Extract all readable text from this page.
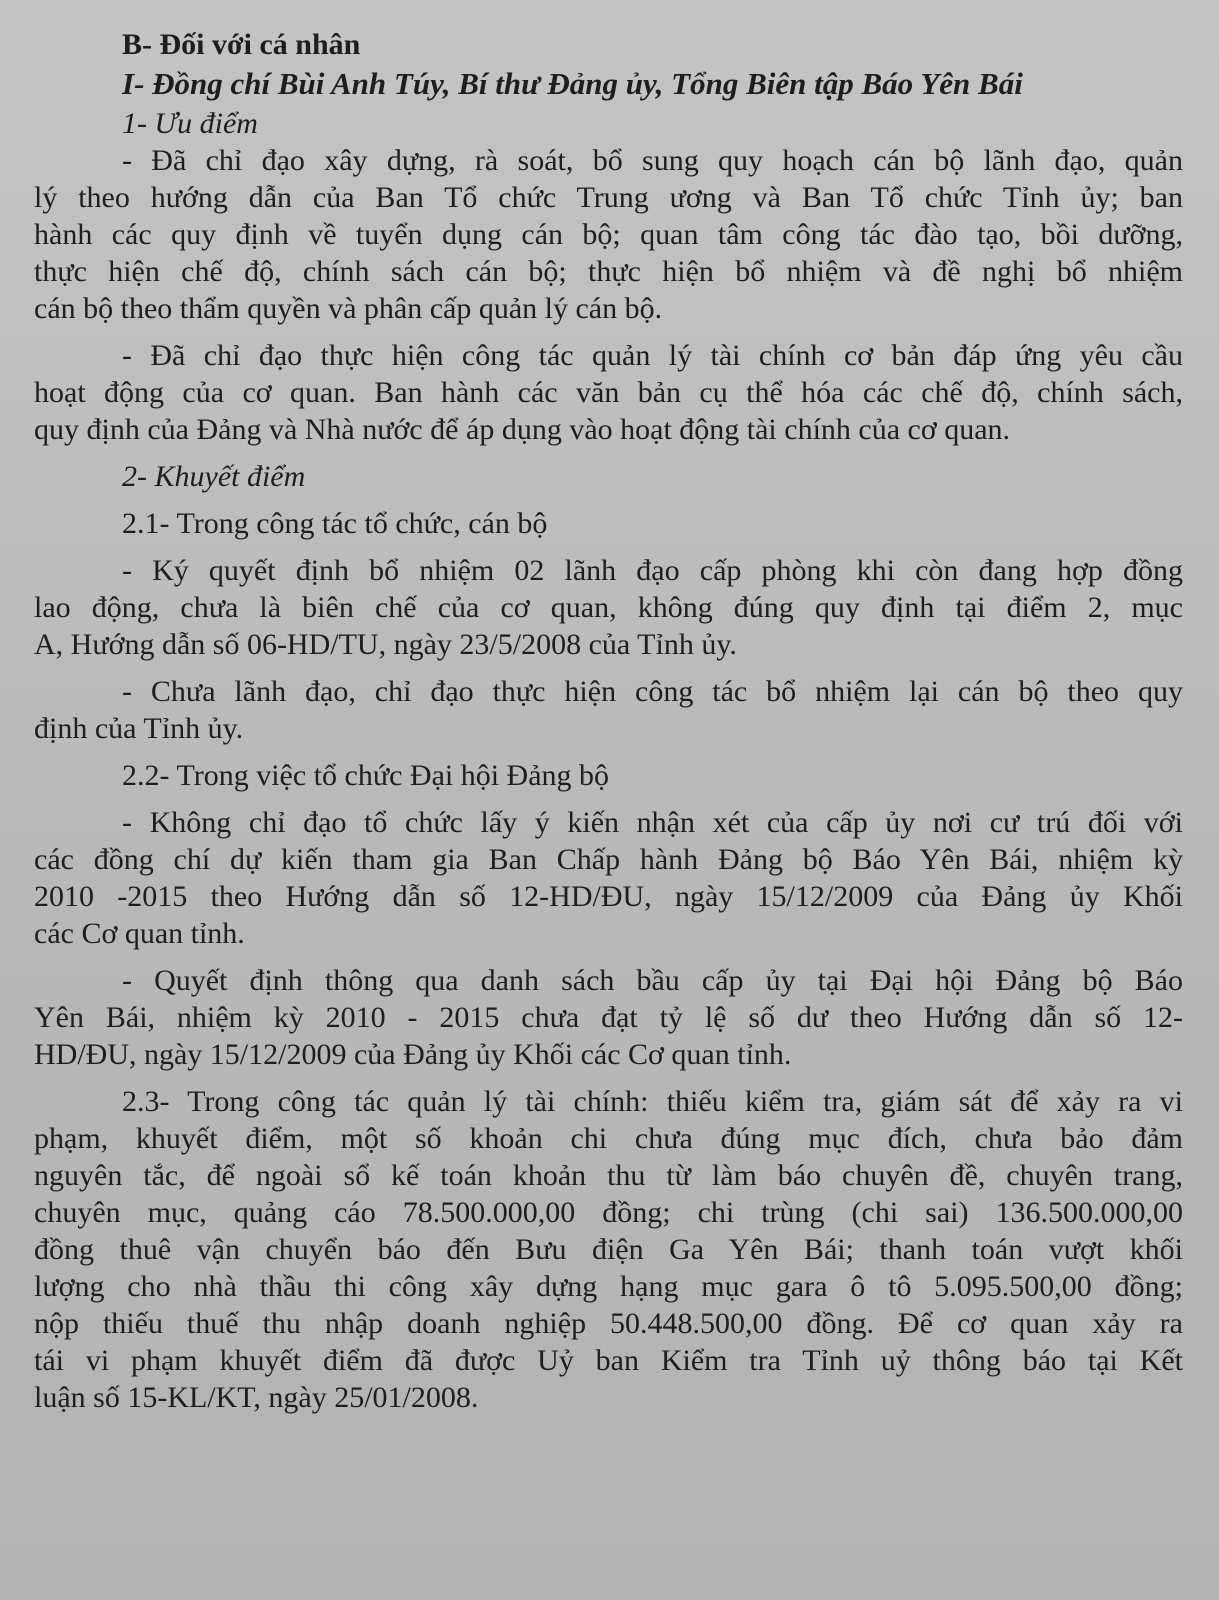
B- Đối với cá nhân
I- Đồng chí Bùi Anh Túy, Bí thư Đảng ủy, Tổng Biên tập Báo Yên Bái
1- Ưu điểm
- Đã chỉ đạo xây dựng, rà soát, bổ sung quy hoạch cán bộ lãnh đạo, quản
lý theo hướng dẫn của Ban Tổ chức Trung ương và Ban Tổ chức Tỉnh ủy; ban
hành các quy định về tuyển dụng cán bộ; quan tâm công tác đào tạo, bồi dưỡng,
thực hiện chế độ, chính sách cán bộ; thực hiện bổ nhiệm và đề nghị bổ nhiệm
cán bộ theo thẩm quyền và phân cấp quản lý cán bộ.
- Đã chỉ đạo thực hiện công tác quản lý tài chính cơ bản đáp ứng yêu cầu
hoạt động của cơ quan. Ban hành các văn bản cụ thể hóa các chế độ, chính sách,
quy định của Đảng và Nhà nước để áp dụng vào hoạt động tài chính của cơ quan.
2- Khuyết điểm
2.1- Trong công tác tổ chức, cán bộ
- Ký quyết định bổ nhiệm 02 lãnh đạo cấp phòng khi còn đang hợp đồng
lao động, chưa là biên chế của cơ quan, không đúng quy định tại điểm 2, mục
A, Hướng dẫn số 06-HD/TU, ngày 23/5/2008 của Tỉnh ủy.
- Chưa lãnh đạo, chỉ đạo thực hiện công tác bổ nhiệm lại cán bộ theo quy
định của Tỉnh ủy.
2.2- Trong việc tổ chức Đại hội Đảng bộ
- Không chỉ đạo tổ chức lấy ý kiến nhận xét của cấp ủy nơi cư trú đối với
các đồng chí dự kiến tham gia Ban Chấp hành Đảng bộ Báo Yên Bái, nhiệm kỳ
2010 -2015 theo Hướng dẫn số 12-HD/ĐU, ngày 15/12/2009 của Đảng ủy Khối
các Cơ quan tỉnh.
- Quyết định thông qua danh sách bầu cấp ủy tại Đại hội Đảng bộ Báo
Yên Bái, nhiệm kỳ 2010 - 2015 chưa đạt tỷ lệ số dư theo Hướng dẫn số 12-
HD/ĐU, ngày 15/12/2009 của Đảng ủy Khối các Cơ quan tỉnh.
2.3- Trong công tác quản lý tài chính: thiếu kiểm tra, giám sát để xảy ra vi
phạm, khuyết điểm, một số khoản chi chưa đúng mục đích, chưa bảo đảm
nguyên tắc, để ngoài sổ kế toán khoản thu từ làm báo chuyên đề, chuyên trang,
chuyên mục, quảng cáo 78.500.000,00 đồng; chi trùng (chi sai) 136.500.000,00
đồng thuê vận chuyển báo đến Bưu điện Ga Yên Bái; thanh toán vượt khối
lượng cho nhà thầu thi công xây dựng hạng mục gara ô tô 5.095.500,00 đồng;
nộp thiếu thuế thu nhập doanh nghiệp 50.448.500,00 đồng. Để cơ quan xảy ra
tái vi phạm khuyết điểm đã được Uỷ ban Kiểm tra Tỉnh uỷ thông báo tại Kết
luận số 15-KL/KT, ngày 25/01/2008.
